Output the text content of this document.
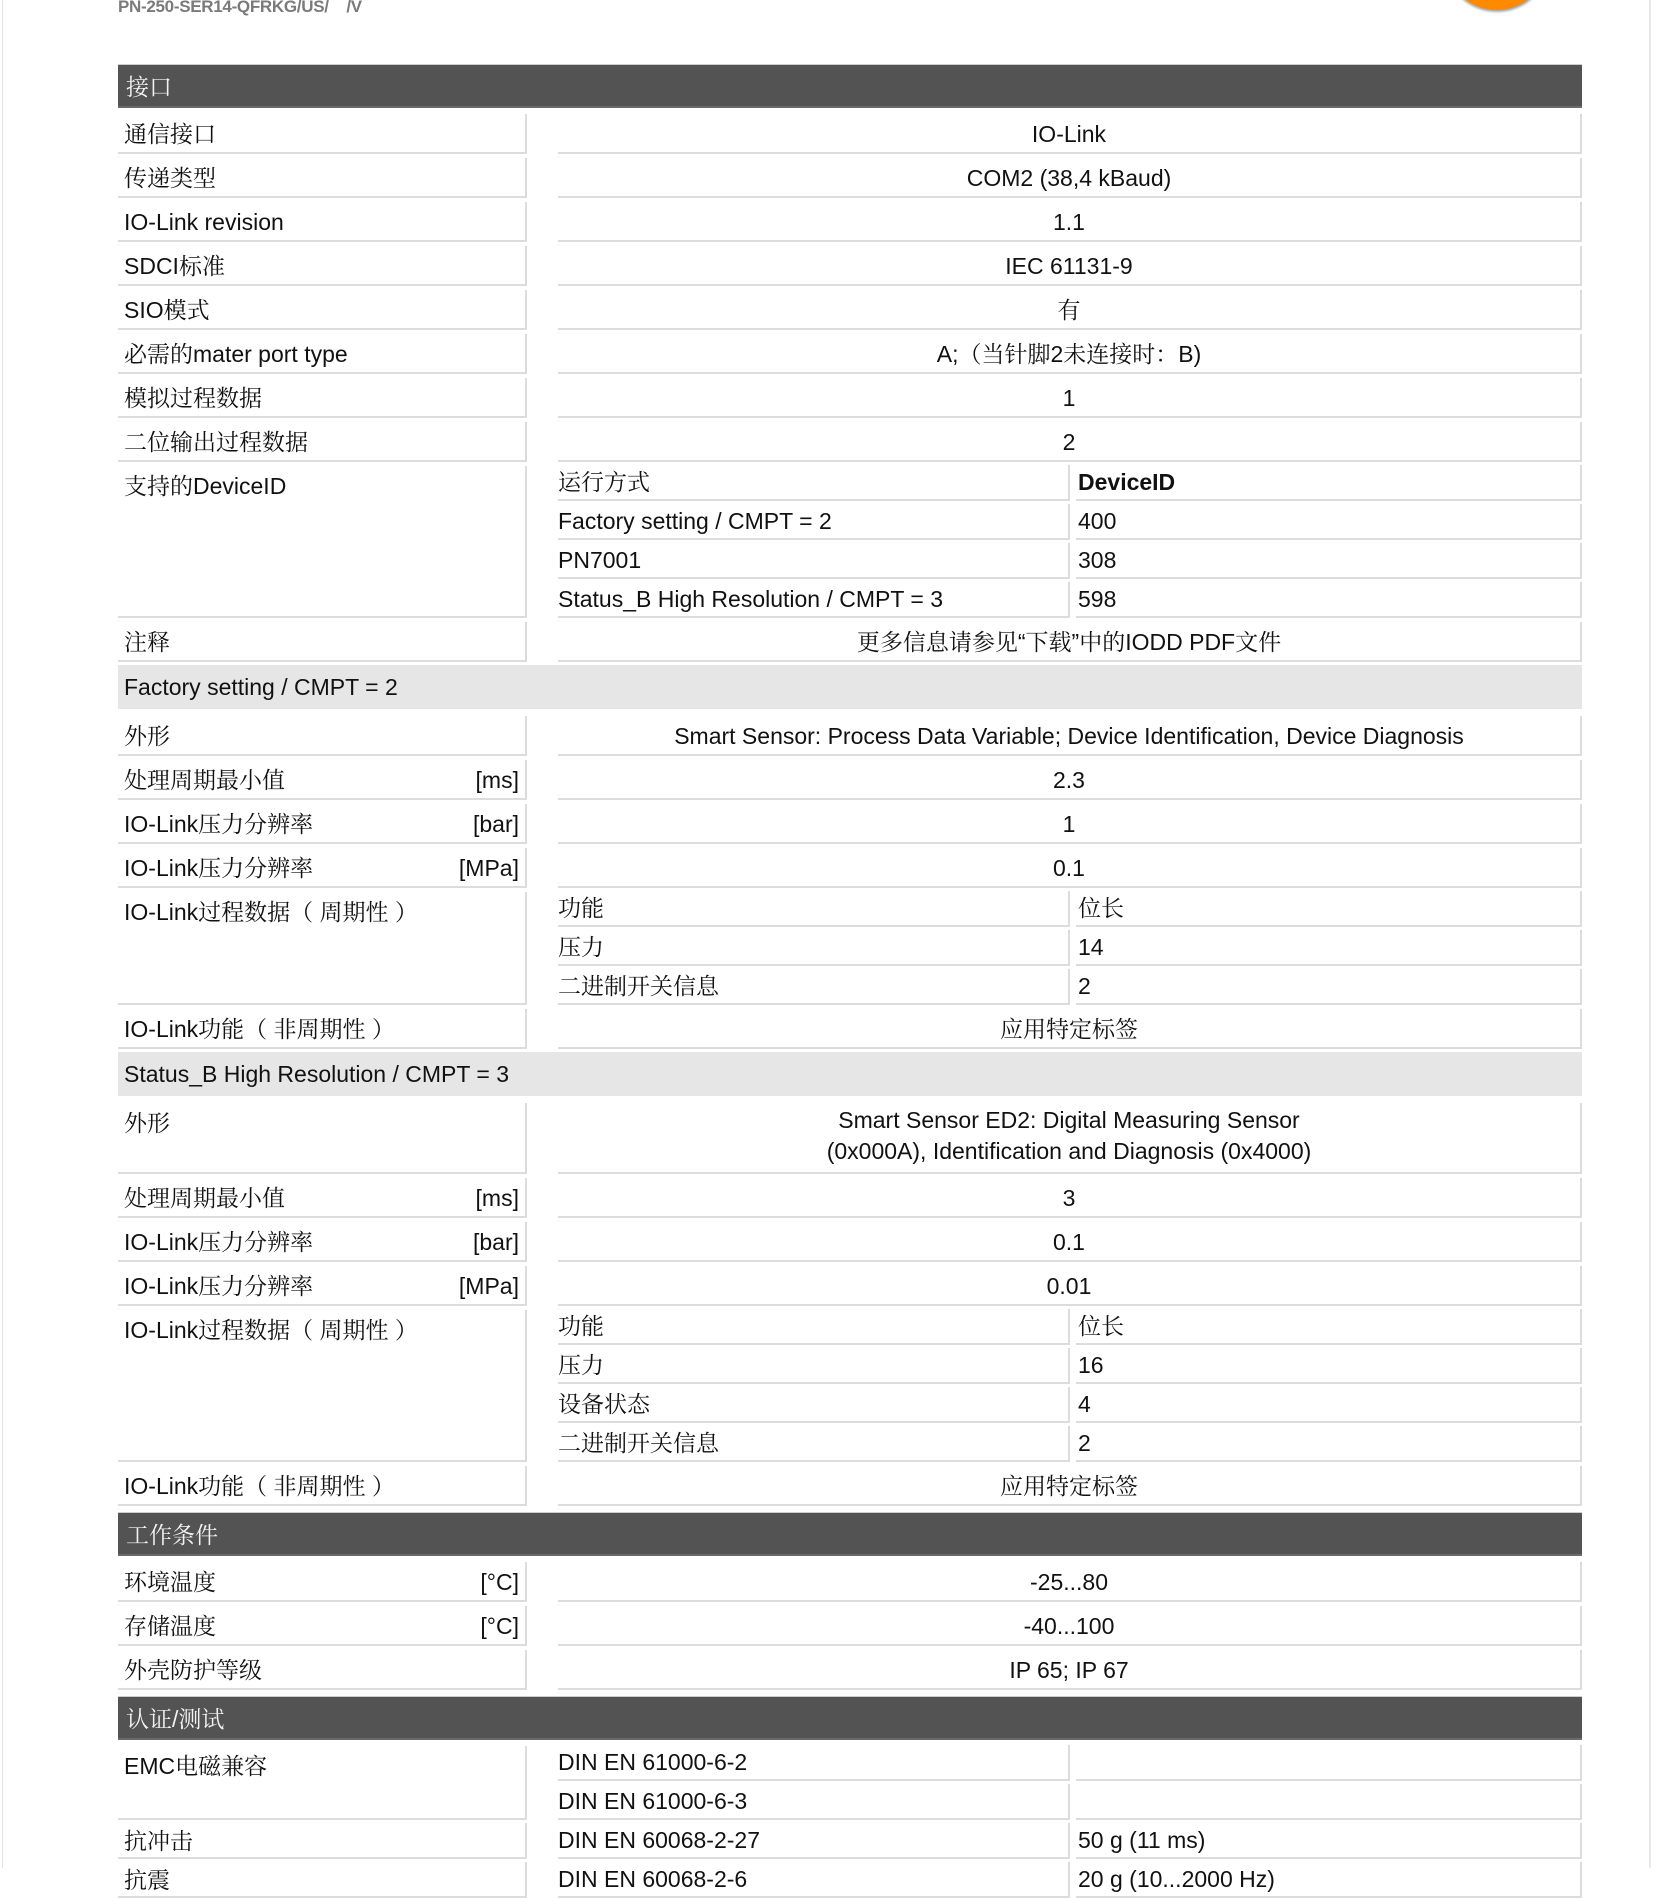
PN-250-SER14-QFRKG/US/    /V
接口
通信接口	IO-Link
传递类型	COM2 (38,4 kBaud)
IO-Link revision	1.1
SDCI标准	IEC 61131-9
SIO模式	有
必需的mater port type	A;（当针脚2未连接时：B)
模拟过程数据	1
二位输出过程数据	2
支持的DeviceID	运行方式	DeviceID
Factory setting / CMPT = 2	400
PN7001	308
Status_B High Resolution / CMPT = 3	598
注释	更多信息请参见“下载”中的IODD PDF文件
Factory setting / CMPT = 2
外形	Smart Sensor: Process Data Variable; Device Identification, Device Diagnosis
处理周期最小值	[ms]	2.3
IO-Link压力分辨率	[bar]	1
IO-Link压力分辨率	[MPa]	0.1
IO-Link过程数据（ 周期性 ）	功能	位长
压力	14
二进制开关信息	2
IO-Link功能（ 非周期性 ）	应用特定标签
Status_B High Resolution / CMPT = 3
外形	Smart Sensor ED2: Digital Measuring Sensor
(0x000A), Identification and Diagnosis (0x4000)
处理周期最小值	[ms]	3
IO-Link压力分辨率	[bar]	0.1
IO-Link压力分辨率	[MPa]	0.01
IO-Link过程数据（ 周期性 ）	功能	位长
压力	16
设备状态	4
二进制开关信息	2
IO-Link功能（ 非周期性 ）	应用特定标签
工作条件
环境温度	[°C]	-25...80
存储温度	[°C]	-40...100
外壳防护等级	IP 65; IP 67
认证/测试
EMC电磁兼容	DIN EN 61000-6-2
DIN EN 61000-6-3
抗冲击	DIN EN 60068-2-27	50 g (11 ms)
抗震	DIN EN 60068-2-6	20 g (10...2000 Hz)
